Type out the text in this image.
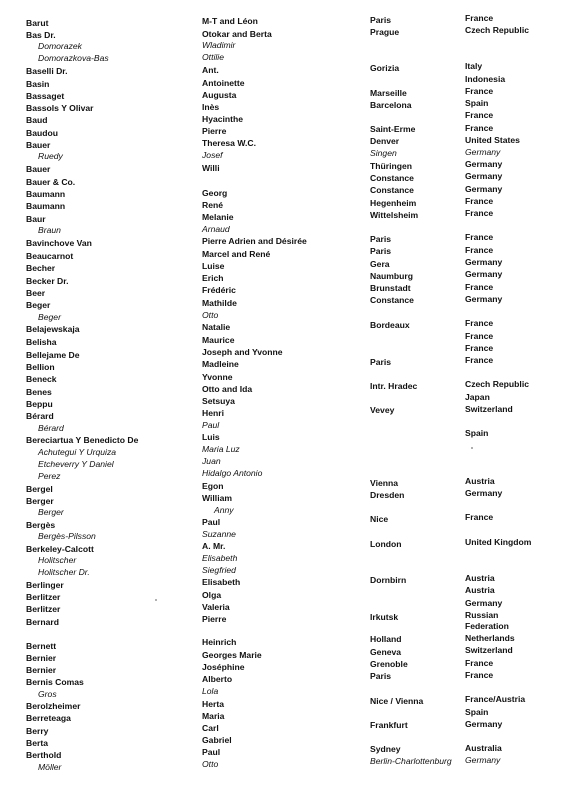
Barut
Bas Dr.
Domorazek
Domorazkova-Bas
Baselli Dr.
Basin
Bassaget
Bassols Y Olivar
Baud
Baudou
Bauer
Ruedy
Bauer
Bauer & Co.
Baumann
Baumann
Baur
Braun
Bavinchove Van
Beaucarnot
Becher
Becker Dr.
Beer
Beger
Beger
Belajewskaja
Belisha
Bellejame De
Bellion
Beneck
Benes
Beppu
Bérard
Bérard
Bereciartua Y Benedicto De
Achutegui Y Urquiza
Etcheverry Y Daniel
Perez
Bergel
Berger
Berger
Bergès
Bergès-Pilsson
Berkeley-Calcott
Holitscher
Holitscher Dr.
Berlinger
Berlitzer
Berlitzer
Bernard
Bernett
Bernier
Bernier
Bernis Comas
Gros
Berolzheimer
Berreteaga
Berry
Berta
Berthold
Möller
M-T and Léon
Otokar and Berta
Wladimir
Ottilie
Ant.
Antoinette
Augusta
Inès
Hyacinthe
Pierre
Theresa W.C.
Josef
Willi
Georg
René
Melanie
Arnaud
Pierre Adrien and Désirée
Marcel and René
Luise
Erich
Frédéric
Mathilde
Otto
Natalie
Maurice
Joseph and Yvonne
Madleine
Yvonne
Otto and Ida
Setsuya
Henri
Paul
Luis
Maria Luz
Juan
Hidalgo Antonio
Egon
William
Anny
Paul
Suzanne
A. Mr.
Elisabeth
Siegfried
Elisabeth
Olga
Valeria
Pierre
Heinrich
Georges Marie
Joséphine
Alberto
Lola
Herta
Maria
Carl
Gabriel
Paul
Otto
Paris
Prague
Gorizia
Marseille
Barcelona
Saint-Erme
Denver
Singen
Thüringen
Constance
Constance
Hegenheim
Wittelsheim
Paris
Paris
Gera
Naumburg
Brunstadt
Constance
Bordeaux
Paris
Intr. Hradec
Vevey
Vienna
Dresden
Nice
London
Dornbirn
Irkutsk
Holland
Geneva
Grenoble
Paris
Nice / Vienna
Frankfurt
Sydney
Berlin-Charlottenburg
France
Czech Republic
Italy
Indonesia
France
Spain
France
France
United States
Germany
Germany
Germany
Germany
France
France
France
France
Germany
Germany
France
Germany
France
France
France
France
Czech Republic
Japan
Switzerland
Spain
Austria
Germany
France
United Kingdom
Austria
Austria
Germany
Russian
Federation
Netherlands
Switzerland
France
France
France/Austria
Spain
Germany
Australia
Germany
